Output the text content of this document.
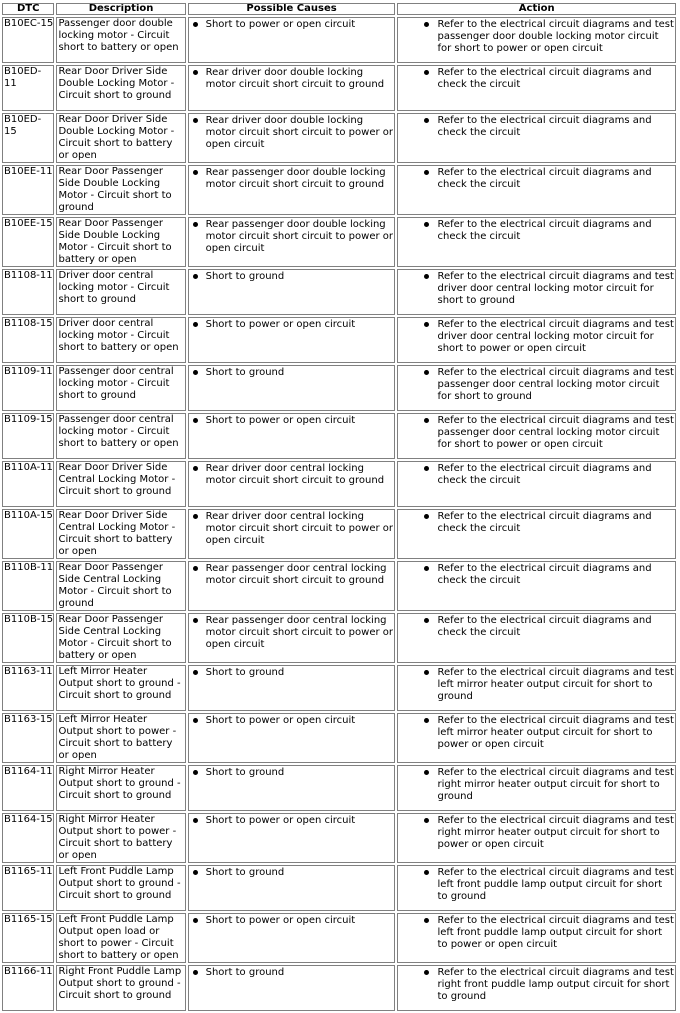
DTC	Description	Possible Causes	Action
B10EC-15	Passenger door double locking motor - Circuit short to battery or open	Short to power or open circuit	Refer to the electrical circuit diagrams and test passenger door double locking motor circuit for short to power or open circuit

B10ED-11	Rear Door Driver Side Double Locking Motor - Circuit short to ground	Rear driver door double locking motor circuit short circuit to ground	Refer to the electrical circuit diagrams and check the circuit

B10ED-15	Rear Door Driver Side Double Locking Motor - Circuit short to battery or open	Rear driver door double locking motor circuit short circuit to power or open circuit	Refer to the electrical circuit diagrams and check the circuit

B10EE-11	Rear Door Passenger Side Double Locking Motor - Circuit short to ground	Rear passenger door double locking motor circuit short circuit to ground	Refer to the electrical circuit diagrams and check the circuit

B10EE-15	Rear Door Passenger Side Double Locking Motor - Circuit short to battery or open	Rear passenger door double locking motor circuit short circuit to power or open circuit	Refer to the electrical circuit diagrams and check the circuit

B1108-11	Driver door central locking motor - Circuit short to ground	Short to ground	Refer to the electrical circuit diagrams and test driver door central locking motor circuit for short to ground

B1108-15	Driver door central locking motor - Circuit short to battery or open	Short to power or open circuit	Refer to the electrical circuit diagrams and test driver door central locking motor circuit for short to power or open circuit

B1109-11	Passenger door central locking motor - Circuit short to ground	Short to ground	Refer to the electrical circuit diagrams and test passenger door central locking motor circuit for short to ground

B1109-15	Passenger door central locking motor - Circuit short to battery or open	Short to power or open circuit	Refer to the electrical circuit diagrams and test passenger door central locking motor circuit for short to power or open circuit

B110A-11	Rear Door Driver Side Central Locking Motor - Circuit short to ground	Rear driver door central locking motor circuit short circuit to ground	Refer to the electrical circuit diagrams and check the circuit

B110A-15	Rear Door Driver Side Central Locking Motor - Circuit short to battery or open	Rear driver door central locking motor circuit short circuit to power or open circuit	Refer to the electrical circuit diagrams and check the circuit

B110B-11	Rear Door Passenger Side Central Locking Motor - Circuit short to ground	Rear passenger door central locking motor circuit short circuit to ground	Refer to the electrical circuit diagrams and check the circuit

B110B-15	Rear Door Passenger Side Central Locking Motor - Circuit short to battery or open	Rear passenger door central locking motor circuit short circuit to power or open circuit	Refer to the electrical circuit diagrams and check the circuit

B1163-11	Left Mirror Heater Output short to ground - Circuit short to ground	Short to ground	Refer to the electrical circuit diagrams and test left mirror heater output circuit for short to ground

B1163-15	Left Mirror Heater Output short to power - Circuit short to battery or open	Short to power or open circuit	Refer to the electrical circuit diagrams and test left mirror heater output circuit for short to power or open circuit

B1164-11	Right Mirror Heater Output short to ground - Circuit short to ground	Short to ground	Refer to the electrical circuit diagrams and test right mirror heater output circuit for short to ground

B1164-15	Right Mirror Heater Output short to power - Circuit short to battery or open	Short to power or open circuit	Refer to the electrical circuit diagrams and test right mirror heater output circuit for short to power or open circuit

B1165-11	Left Front Puddle Lamp Output short to ground - Circuit short to ground	Short to ground	Refer to the electrical circuit diagrams and test left front puddle lamp output circuit for short to ground

B1165-15	Left Front Puddle Lamp Output open load or short to power - Circuit short to battery or open	Short to power or open circuit	Refer to the electrical circuit diagrams and test left front puddle lamp output circuit for short to power or open circuit

B1166-11	Right Front Puddle Lamp Output short to ground - Circuit short to ground	Short to ground	Refer to the electrical circuit diagrams and test right front puddle lamp output circuit for short to ground
